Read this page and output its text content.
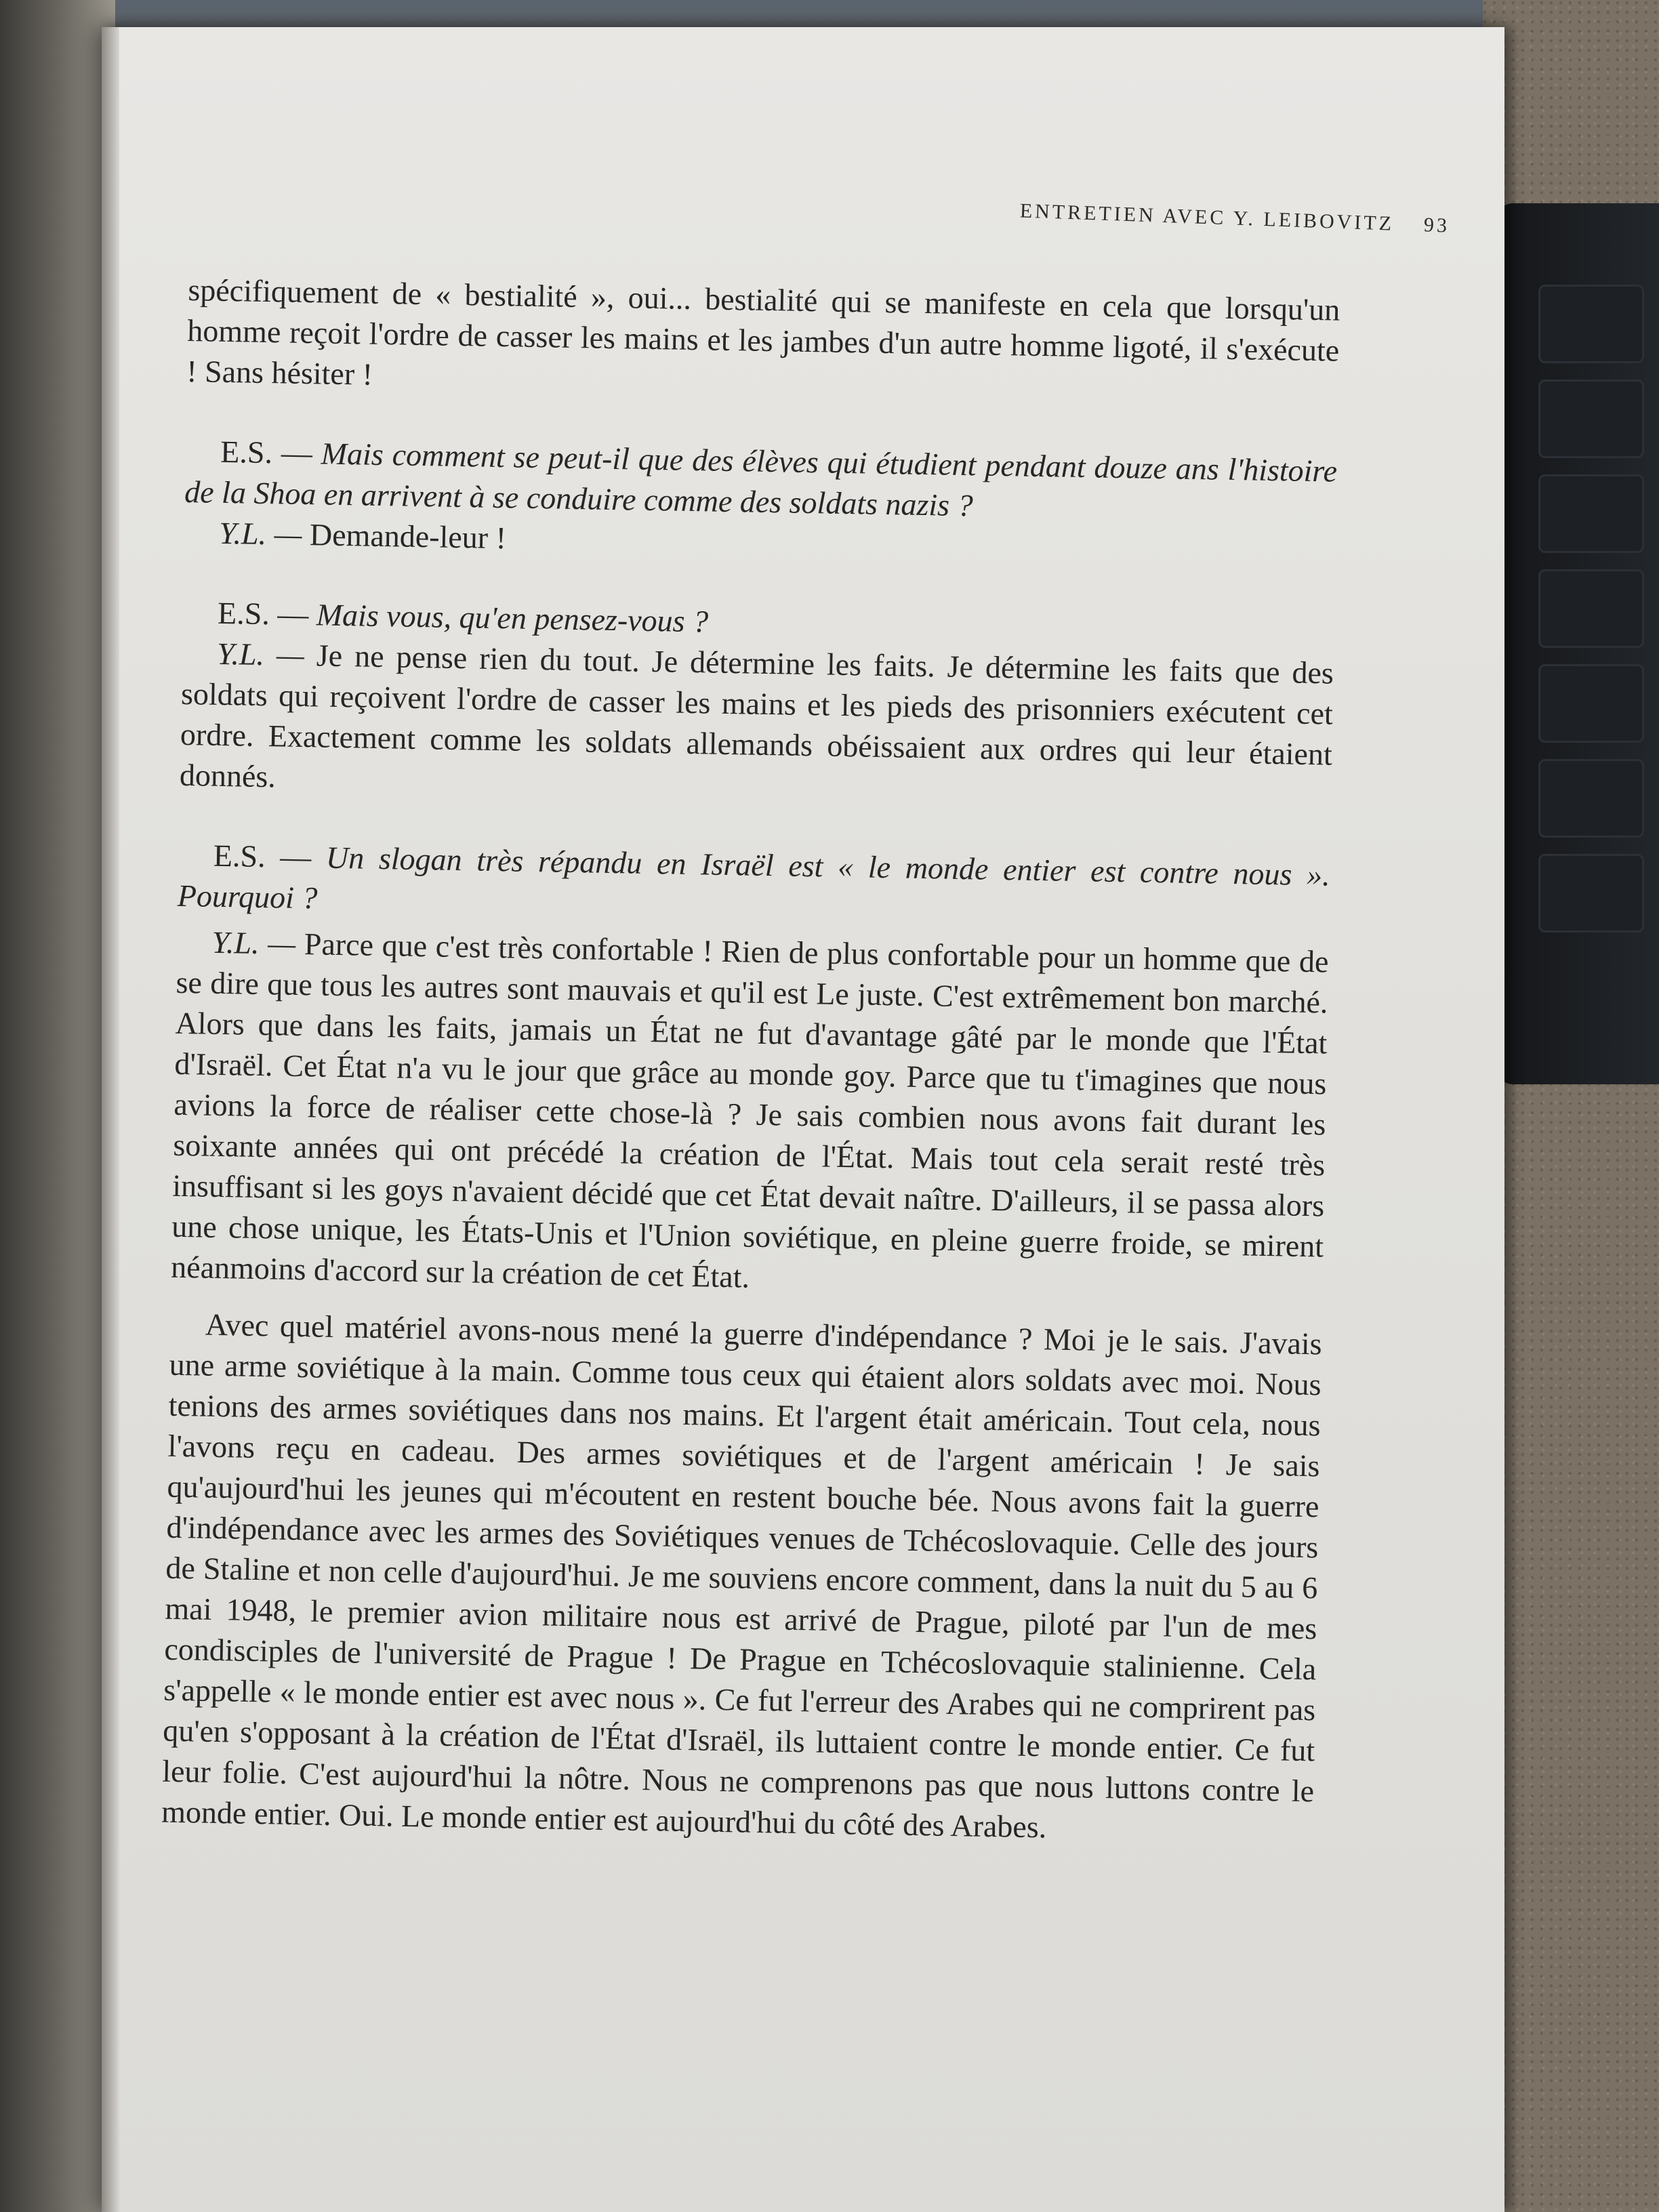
ENTRETIEN AVEC Y. LEIBOVITZ 93

spécifiquement de « bestialité », oui... bestialité qui se manifeste en cela que lorsqu'un homme reçoit l'ordre de casser les mains et les jambes d'un autre homme ligoté, il s'exécute ! Sans hésiter !

E.S. — Mais comment se peut-il que des élèves qui étudient pendant douze ans l'histoire de la Shoa en arrivent à se conduire comme des soldats nazis ?

Y.L. — Demande-leur !

E.S. — Mais vous, qu'en pensez-vous ?

Y.L. — Je ne pense rien du tout. Je détermine les faits. Je détermine les faits que des soldats qui reçoivent l'ordre de casser les mains et les pieds des prisonniers exécutent cet ordre. Exactement comme les soldats allemands obéissaient aux ordres qui leur étaient donnés.

E.S. — Un slogan très répandu en Israël est « le monde entier est contre nous ». Pourquoi ?

Y.L. — Parce que c'est très confortable ! Rien de plus confortable pour un homme que de se dire que tous les autres sont mauvais et qu'il est Le juste. C'est extrêmement bon marché. Alors que dans les faits, jamais un État ne fut d'avantage gâté par le monde que l'État d'Israël. Cet État n'a vu le jour que grâce au monde goy. Parce que tu t'imagines que nous avions la force de réaliser cette chose-là ? Je sais combien nous avons fait durant les soixante années qui ont précédé la création de l'État. Mais tout cela serait resté très insuffisant si les goys n'avaient décidé que cet État devait naître. D'ailleurs, il se passa alors une chose unique, les États-Unis et l'Union soviétique, en pleine guerre froide, se mirent néanmoins d'accord sur la création de cet État.

Avec quel matériel avons-nous mené la guerre d'indépendance ? Moi je le sais. J'avais une arme soviétique à la main. Comme tous ceux qui étaient alors soldats avec moi. Nous tenions des armes soviétiques dans nos mains. Et l'argent était américain. Tout cela, nous l'avons reçu en cadeau. Des armes soviétiques et de l'argent américain ! Je sais qu'aujourd'hui les jeunes qui m'écoutent en restent bouche bée. Nous avons fait la guerre d'indépendance avec les armes des Soviétiques venues de Tchécoslovaquie. Celle des jours de Staline et non celle d'aujourd'hui. Je me souviens encore comment, dans la nuit du 5 au 6 mai 1948, le premier avion militaire nous est arrivé de Prague, piloté par l'un de mes condisciples de l'université de Prague ! De Prague en Tchécoslovaquie stalinienne. Cela s'appelle « le monde entier est avec nous ». Ce fut l'erreur des Arabes qui ne comprirent pas qu'en s'opposant à la création de l'État d'Israël, ils luttaient contre le monde entier. Ce fut leur folie. C'est aujourd'hui la nôtre. Nous ne comprenons pas que nous luttons contre le monde entier. Oui. Le monde entier est aujourd'hui du côté des Arabes.
